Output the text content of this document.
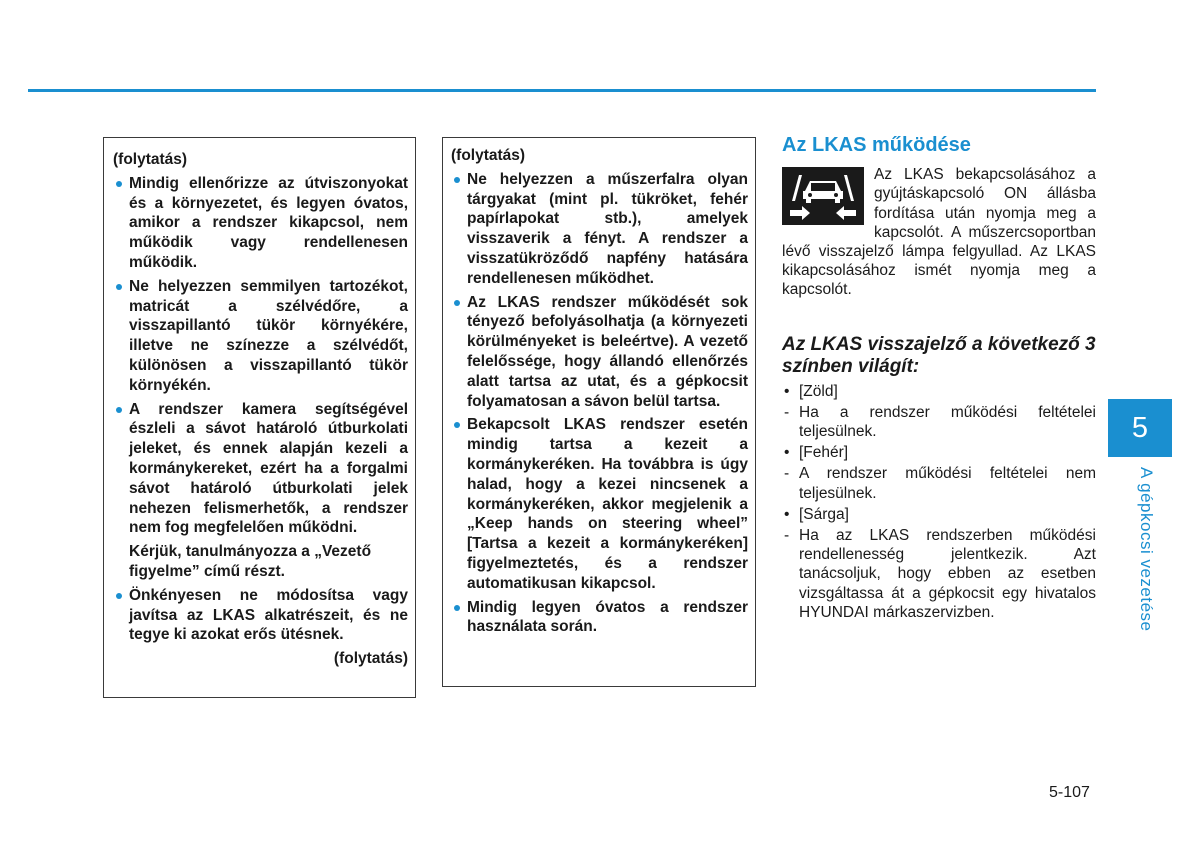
(folytatás)
Mindig ellenőrizze az útviszonyokat és a környezetet, és legyen óvatos, amikor a rendszer kikapcsol, nem működik vagy rendellenesen működik.
Ne helyezzen semmilyen tartozékot, matricát a szélvédőre, a visszapillantó tükör környékére, illetve ne színezze a szélvédőt, különösen a visszapillantó tükör környékén.
A rendszer kamera segítségével észleli a sávot határoló útburkolati jeleket, és ennek alapján kezeli a kormánykereket, ezért ha a forgalmi sávot határoló útburkolati jelek nehezen felismerhetők, a rendszer nem fog megfelelően működni.

Kérjük, tanulmányozza a „Vezető figyelme” című részt.

Önkényesen ne módosítsa vagy javítsa az LKAS alkatrészeit, és ne tegye ki azokat erős ütésnek.
(folytatás)
(folytatás)
Ne helyezzen a műszerfalra olyan tárgyakat (mint pl. tükröket, fehér papírlapokat stb.), amelyek visszaverik a fényt. A rendszer a visszatükröződő napfény hatására rendellenesen működhet.
Az LKAS rendszer működését sok tényező befolyásolhatja (a környezeti körülményeket is beleértve). A vezető felelőssége, hogy állandó ellenőrzés alatt tartsa az utat, és a gépkocsit folyamatosan a sávon belül tartsa.
Bekapcsolt LKAS rendszer esetén mindig tartsa a kezeit a kormánykeréken. Ha továbbra is úgy halad, hogy a kezei nincsenek a kormánykeréken, akkor megjelenik a „Keep hands on steering wheel” [Tartsa a kezeit a kormánykeréken] figyelmeztetés, és a rendszer automatikusan kikapcsol.
Mindig legyen óvatos a rendszer használata során.
Az LKAS működése
Az LKAS bekapcsolásához a gyújtáskapcsoló ON állásba fordítása után nyomja meg a kapcsolót. A műszercsoportban lévő visszajelző lámpa felgyullad. Az LKAS kikapcsolásához ismét nyomja meg a kapcsolót.
Az LKAS visszajelző a következő 3 színben világít:
• [Zöld]
- Ha a rendszer működési feltételei teljesülnek.
• [Fehér]
- A rendszer működési feltételei nem teljesülnek.
• [Sárga]
- Ha az LKAS rendszerben működési rendellenesség jelentkezik. Azt tanácsoljuk, hogy ebben az esetben vizsgáltassa át a gépkocsit egy hivatalos HYUNDAI márkaszervizben.
5
A gépkocsi vezetése
5-107
